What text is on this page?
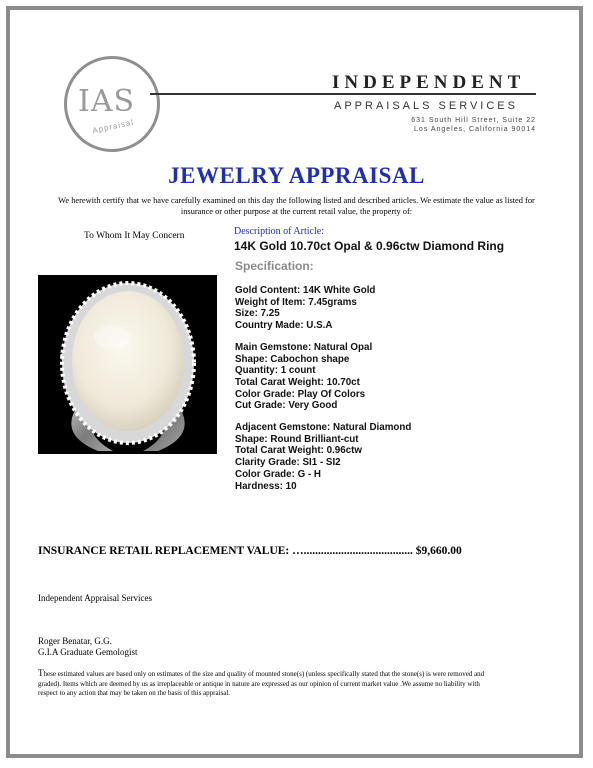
IAS
Appraisal
INDEPENDENT
APPRAISALS SERVICES
631 South Hill Street, Suite 22
Los Angeles, California 90014
JEWELRY APPRAISAL
We herewith certify that we have carefully examined on this day the following listed and described articles. We estimate the value as listed for insurance or other purpose at the current retail value, the property of:
To Whom It May Concern	Description of Article:
14K Gold 10.70ct Opal & 0.96ctw Diamond Ring
Specification:
Gold Content: 14K White Gold
Weight of Item: 7.45grams
Size: 7.25
Country Made: U.S.A
Main Gemstone: Natural Opal
Shape: Cabochon shape
Quantity: 1 count
Total Carat Weight: 10.70ct
Color Grade: Play Of Colors
Cut Grade: Very Good
Adjacent Gemstone: Natural Diamond
Shape: Round Brilliant-cut
Total Carat Weight: 0.96ctw
Clarity Grade: SI1 - SI2
Color Grade: G - H
Hardness: 10
INSURANCE RETAIL REPLACEMENT VALUE: …...................................... $9,660.00
Independent Appraisal Services
Roger Benatar, G.G.
G.I.A Graduate Gemologist
These estimated values are based only on estimates of the size and quality of mounted stone(s) (unless specifically stated that the stone(s) is were removed and graded). Items which are deemed by us as irreplaceable or antique in nature are expressed as our opinion of current market value .We assume no liability with respect to any action that may be taken on the basis of this appraisal.
